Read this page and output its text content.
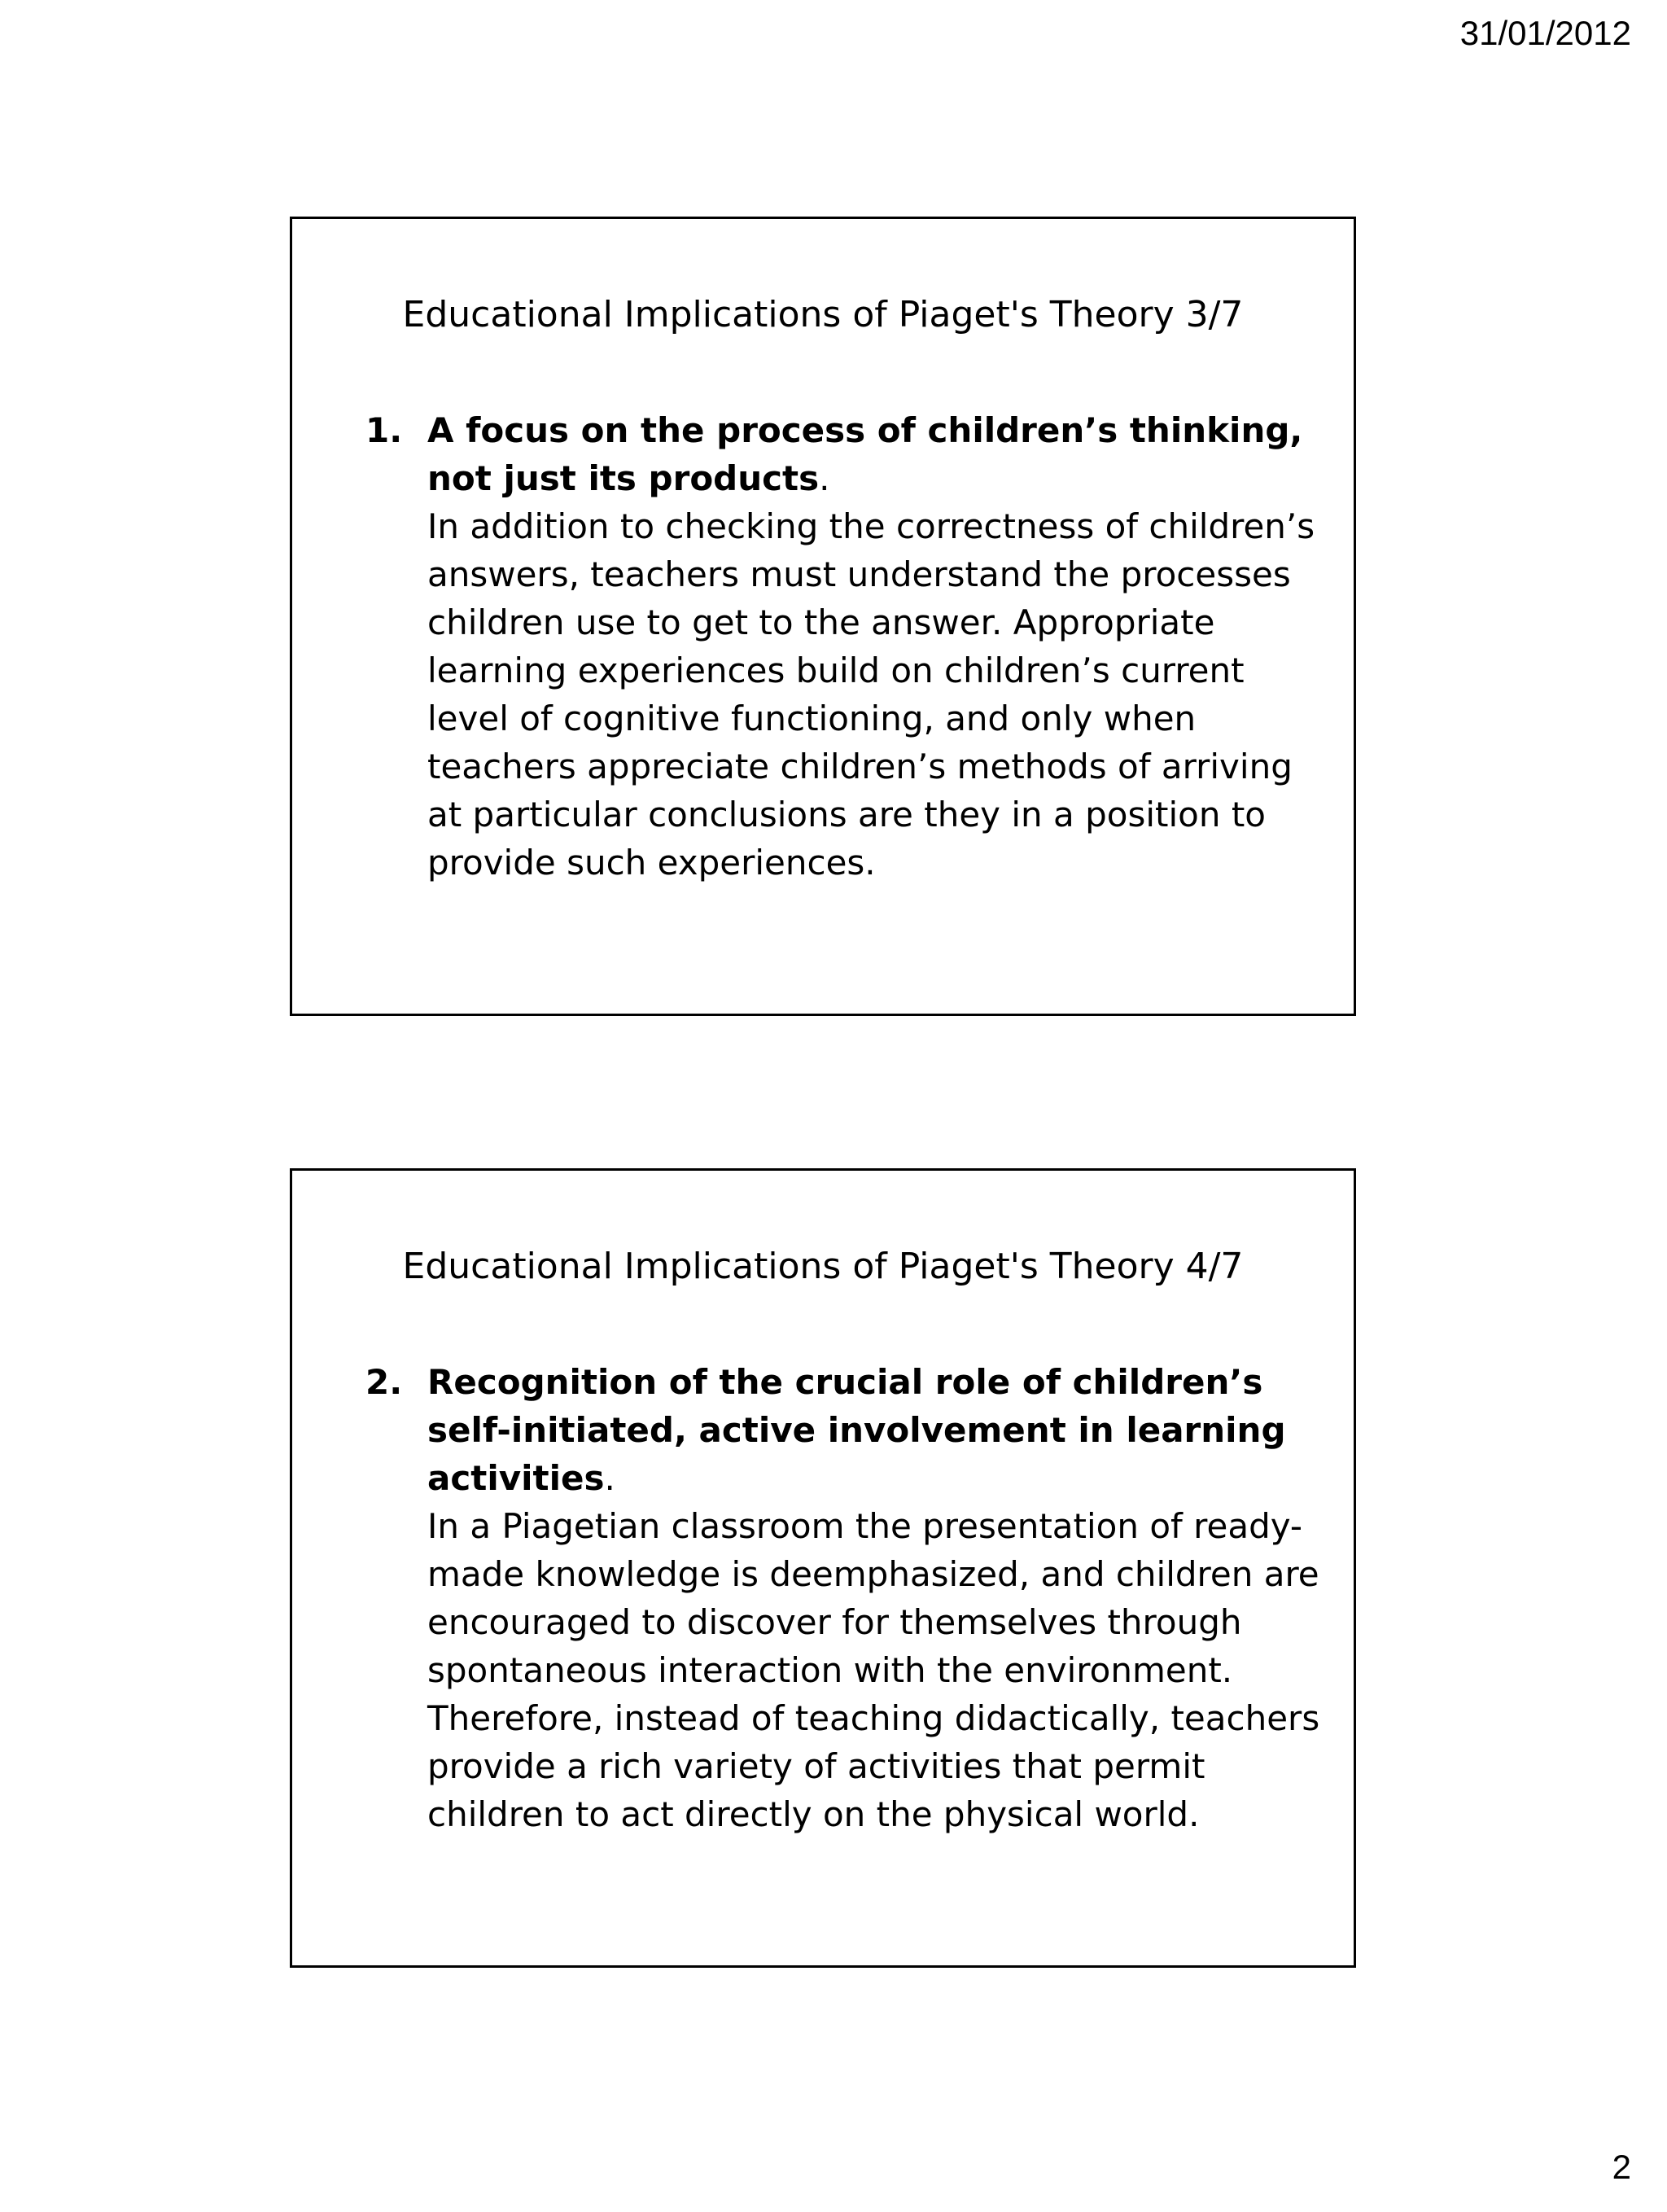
31/01/2012
Educational Implications of Piaget's Theory 3/7
1. A focus on the process of children’s thinking, not just its products.
In addition to checking the correctness of children’s answers, teachers must understand the processes children use to get to the answer. Appropriate learning experiences build on children’s current level of cognitive functioning, and only when teachers appreciate children’s methods of arriving at particular conclusions are they in a position to provide such experiences.
Educational Implications of Piaget's Theory 4/7
2. Recognition of the crucial role of children’s self-initiated, active involvement in learning activities.
In a Piagetian classroom the presentation of ready-made knowledge is deemphasized, and children are encouraged to discover for themselves through spontaneous interaction with the environment. Therefore, instead of teaching didactically, teachers provide a rich variety of activities that permit children to act directly on the physical world.
2
